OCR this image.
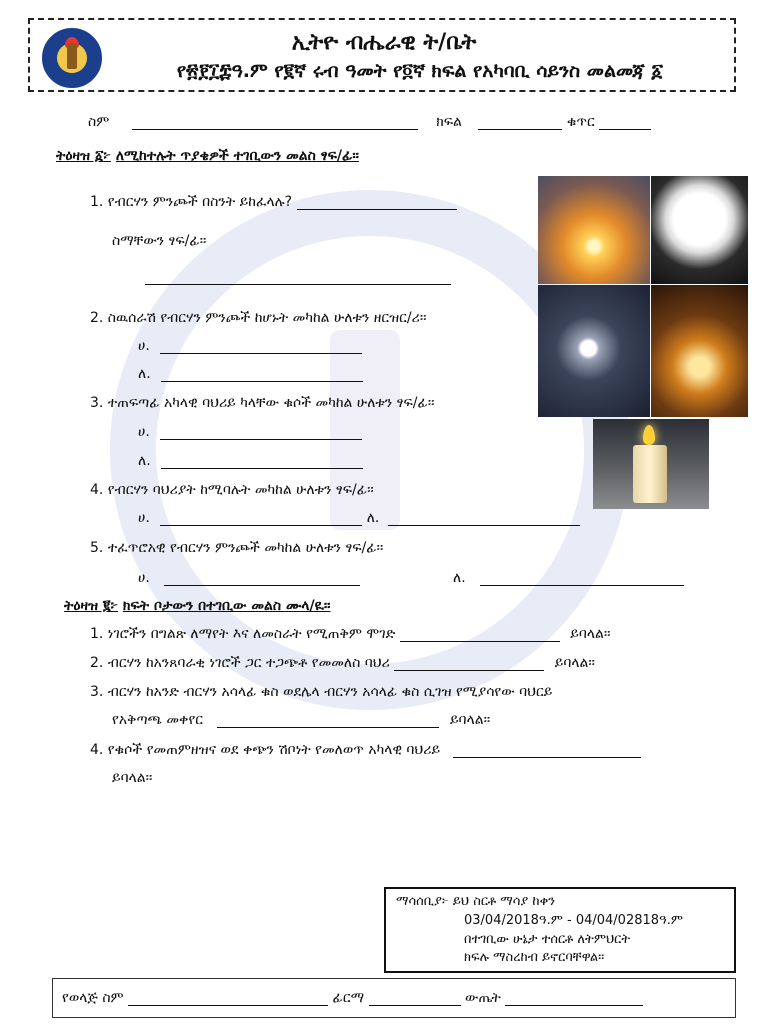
ኢትዮ ብሔራዊ ት/ቤት
የ፳፻፲፰ዓ.ም የ፪ኛ ሩብ ዓመት የ፬ኛ ክፍል የአካባቢ ሳይንስ መልመጃ ፩
ስም	ክፍል	ቁጥር
ትዕዛዝ ፩፦ ለሚከተሉት ጥያቄዎች ተገቢውን መልስ ፃፍ/ፊ፡፡
1. የብርሃን ምንጮች በስንት ይከፈላሉ?
ስማቸውን ፃፍ/ፊ፡፡
2. ስዉሰራሽ የብርሃን ምንጮች ከሆኑት መካከል ሁለቱን ዘርዝር/ሪ፡፡
ሀ.
ለ.
3. ተጠፍጣፊ አካላዊ ባህሪይ ካላቸው ቁሶች መካከል ሁለቱን ፃፍ/ፊ፡፡
ሀ.
ለ.
4. የብርሃን ባህሪያት ከሚባሉት መካከል ሁለቱን ፃፍ/ፊ፡፡
ሀ.	ለ.
5. ተፈጥሮአዊ የብርሃን ምንጮች መካከል ሁለቱን ፃፍ/ፊ፡፡
ሀ.	ለ.
ትዕዛዝ ፪፦ ክፍት ቦታውን በተገቢው መልስ ሙላ/ዪ፡፡
1. ነገሮችን በግልጽ ለማየት እና ለመስራት የሚጠቅም ሞገድ	ይባላል፡፡
2. ብርሃን ከአንጸባራቂ ነገሮች ጋር ተጋጭቶ የመመለስ ባህሪ	ይባላል፡፡
3. ብርሃን ከአንድ ብርሃን አሳላፊ ቁስ ወደሌላ ብርሃን አሳላፊ ቁስ ሲገዝ የሚያሳየው ባህርይ
የአቅጣጫ መቀየር	ይባላል፡፡
4. የቁሶች የመጠምዘዝና ወደ ቀጭን ሽቦነት የመለወጥ አካላዊ ባህሪይ
ይባላል፡፡
ማሳሰቢያ፦ ይህ ስርቶ ማሳያ ከቀን
03/04/2018ዓ.ም - 04/04/02818ዓ.ም
በተገቢው ሁኔታ ተሰርቶ ለትምህርት
ክፍሉ ማስረከብ ይኖርባቸዋል፡፡
የወላጅ ስም	ፊርማ	ውጤት
